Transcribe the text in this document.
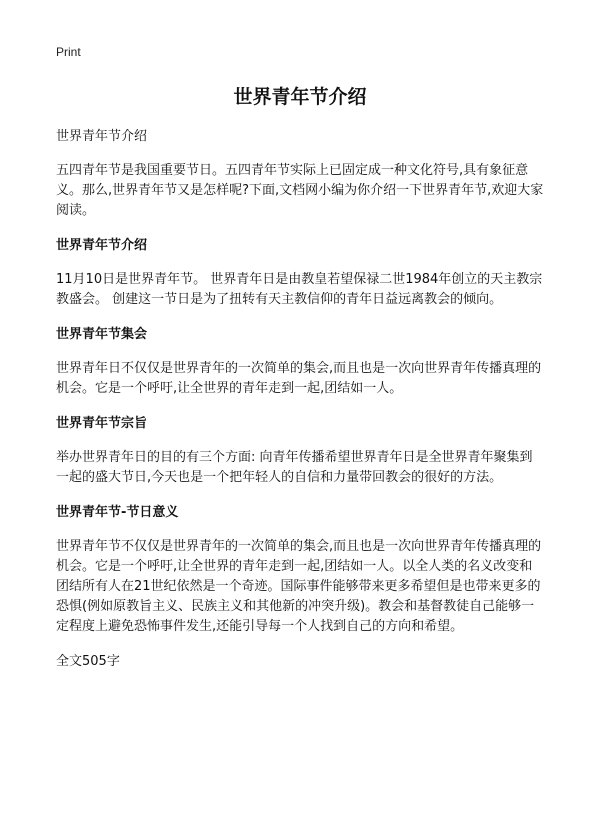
Print

世界青年节介绍

世界青年节介绍

五四青年节是我国重要节日。五四青年节实际上已固定成一种文化符号,具有象征意义。那么,世界青年节又是怎样呢?下面,文档网小编为你介绍一下世界青年节,欢迎大家阅读。

世界青年节介绍

11月10日是世界青年节。 世界青年日是由教皇若望保禄二世1984年创立的天主教宗教盛会。 创建这一节日是为了扭转有天主教信仰的青年日益远离教会的倾向。

世界青年节集会

世界青年日不仅仅是世界青年的一次简单的集会,而且也是一次向世界青年传播真理的机会。它是一个呼吁,让全世界的青年走到一起,团结如一人。

世界青年节宗旨

举办世界青年日的目的有三个方面: 向青年传播希望世界青年日是全世界青年聚集到一起的盛大节日,今天也是一个把年轻人的自信和力量带回教会的很好的方法。

世界青年节-节日意义

世界青年节不仅仅是世界青年的一次简单的集会,而且也是一次向世界青年传播真理的机会。它是一个呼吁,让全世界的青年走到一起,团结如一人。以全人类的名义改变和团结所有人在21世纪依然是一个奇迹。国际事件能够带来更多希望但是也带来更多的恐惧(例如原教旨主义、民族主义和其他新的冲突升级)。教会和基督教徒自己能够一定程度上避免恐怖事件发生,还能引导每一个人找到自己的方向和希望。

全文505字
